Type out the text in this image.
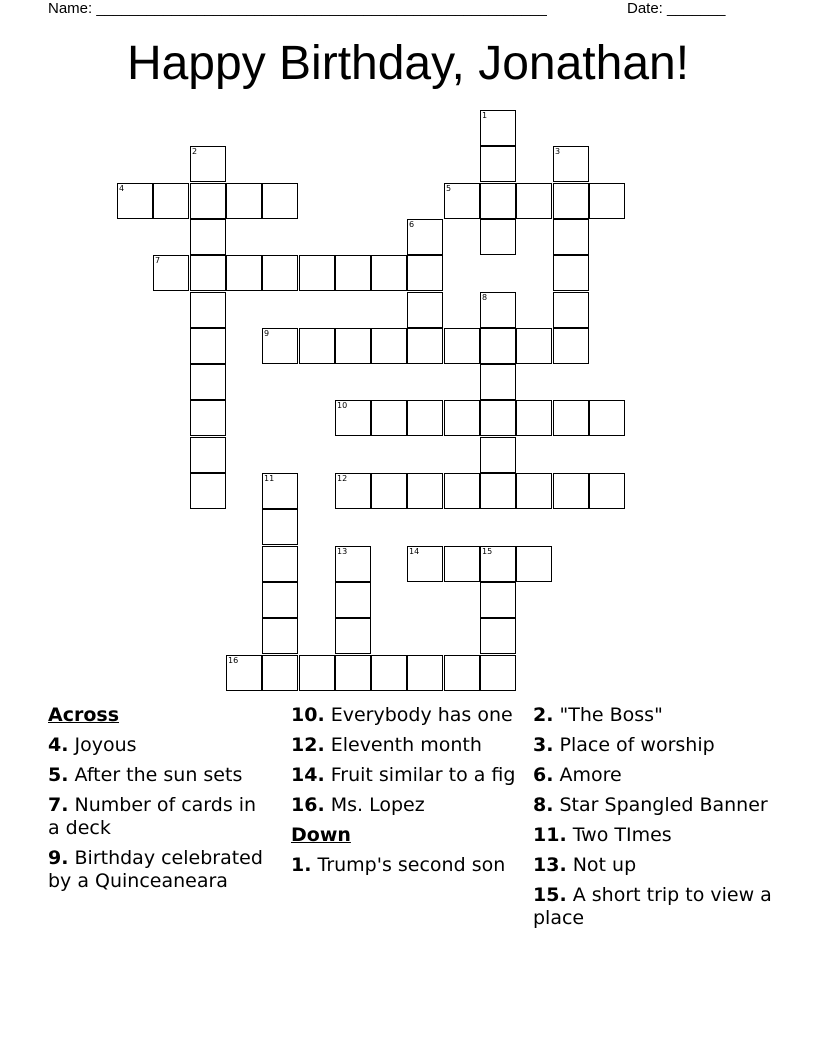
Name: ______________________________________________________	Date: _______
Happy Birthday, Jonathan!
1
2	3
4	5
6
7
8
9
10
11	12
13	14	15
16
Across
4. Joyous
5. After the sun sets
7. Number of cards in a deck
9. Birthday celebrated by a Quinceaneara
10. Everybody has one
12. Eleventh month
14. Fruit similar to a fig
16. Ms. Lopez
Down
1. Trump's second son
2. "The Boss"
3. Place of worship
6. Amore
8. Star Spangled Banner
11. Two TImes
13. Not up
15. A short trip to view a place
